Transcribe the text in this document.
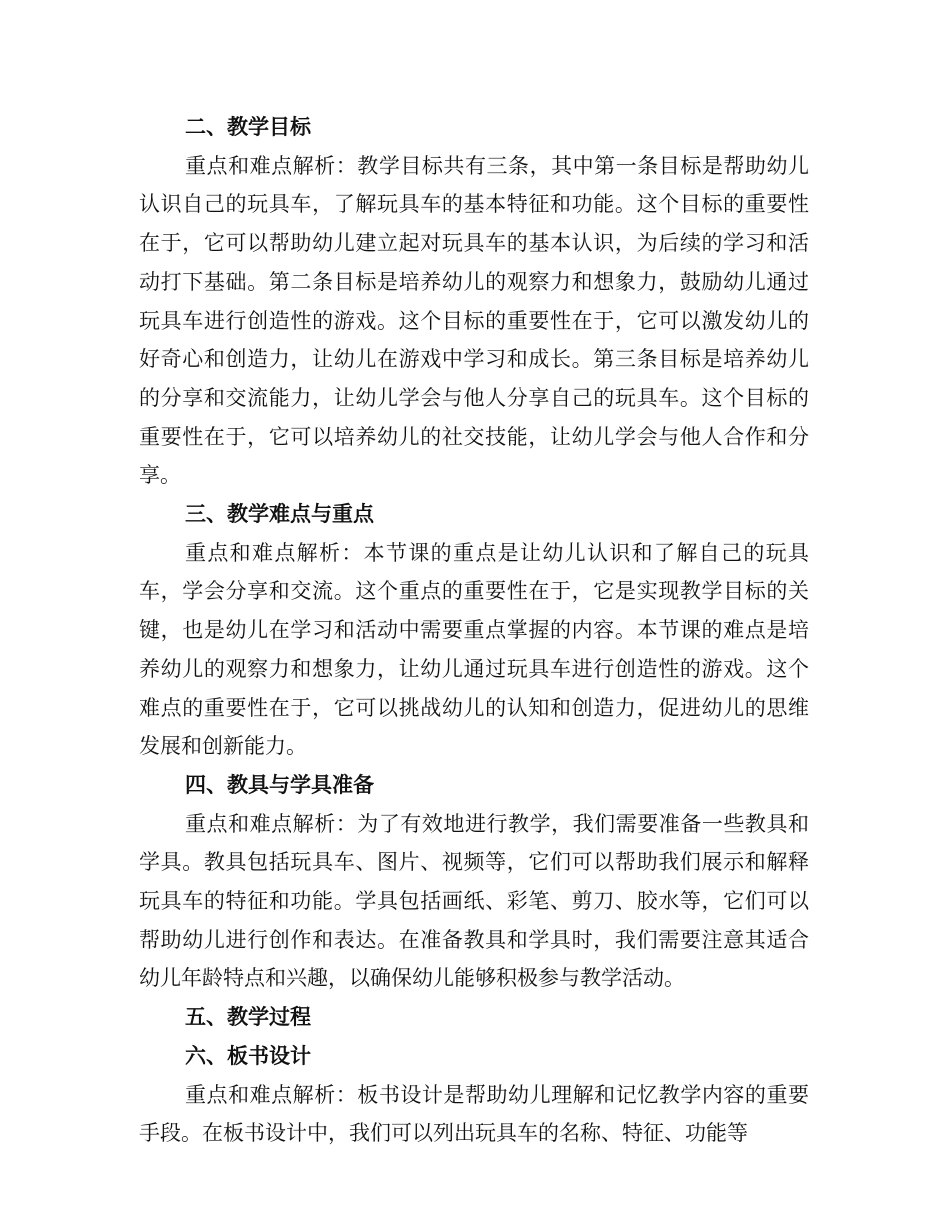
二、教学目标

重点和难点解析：教学目标共有三条，其中第一条目标是帮助幼儿认识自己的玩具车，了解玩具车的基本特征和功能。这个目标的重要性在于，它可以帮助幼儿建立起对玩具车的基本认识，为后续的学习和活动打下基础。第二条目标是培养幼儿的观察力和想象力，鼓励幼儿通过玩具车进行创造性的游戏。这个目标的重要性在于，它可以激发幼儿的好奇心和创造力，让幼儿在游戏中学习和成长。第三条目标是培养幼儿的分享和交流能力，让幼儿学会与他人分享自己的玩具车。这个目标的重要性在于，它可以培养幼儿的社交技能，让幼儿学会与他人合作和分享。

三、教学难点与重点

重点和难点解析：本节课的重点是让幼儿认识和了解自己的玩具车，学会分享和交流。这个重点的重要性在于，它是实现教学目标的关键，也是幼儿在学习和活动中需要重点掌握的内容。本节课的难点是培养幼儿的观察力和想象力，让幼儿通过玩具车进行创造性的游戏。这个难点的重要性在于，它可以挑战幼儿的认知和创造力，促进幼儿的思维发展和创新能力。

四、教具与学具准备

重点和难点解析：为了有效地进行教学，我们需要准备一些教具和学具。教具包括玩具车、图片、视频等，它们可以帮助我们展示和解释玩具车的特征和功能。学具包括画纸、彩笔、剪刀、胶水等，它们可以帮助幼儿进行创作和表达。在准备教具和学具时，我们需要注意其适合幼儿年龄特点和兴趣，以确保幼儿能够积极参与教学活动。

五、教学过程

六、板书设计

重点和难点解析：板书设计是帮助幼儿理解和记忆教学内容的重要手段。在板书设计中，我们可以列出玩具车的名称、特征、功能等
